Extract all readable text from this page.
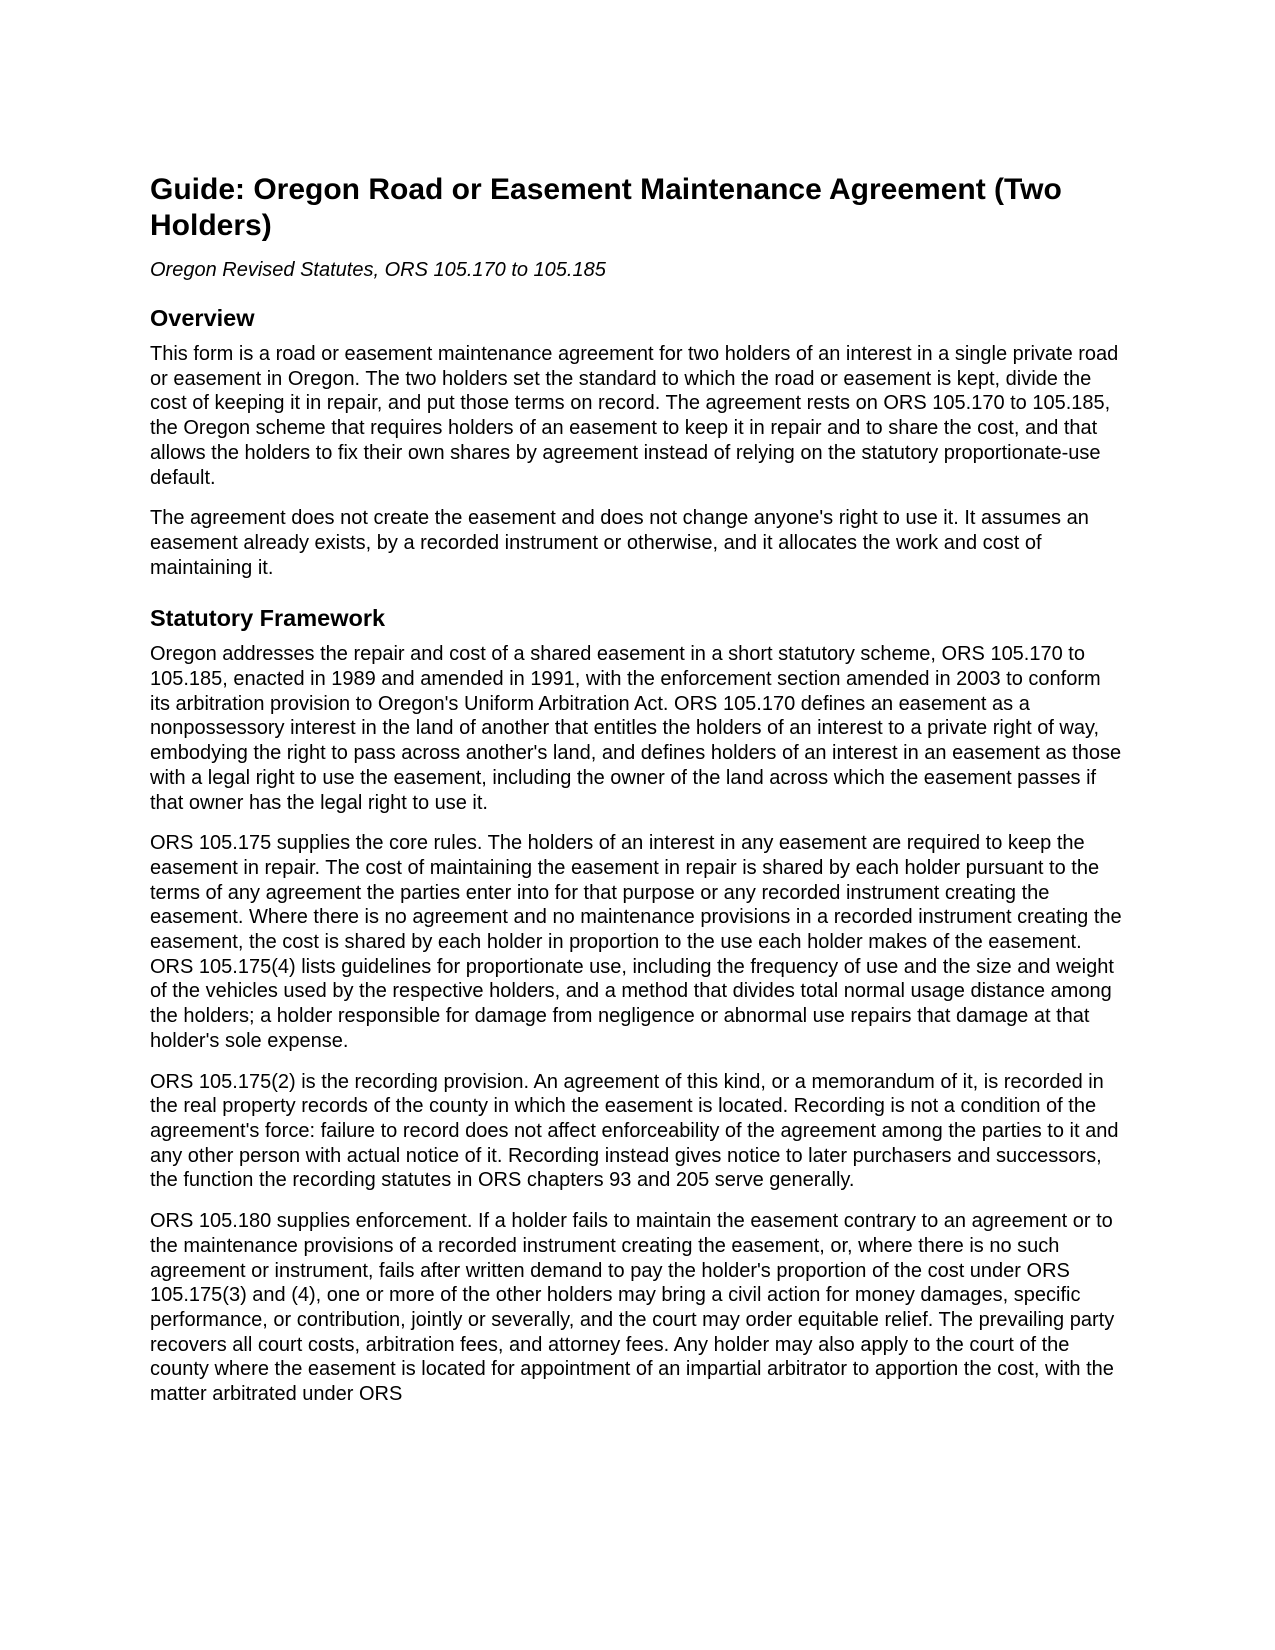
Guide: Oregon Road or Easement Maintenance Agreement (Two Holders)
Oregon Revised Statutes, ORS 105.170 to 105.185
Overview

This form is a road or easement maintenance agreement for two holders of an interest in a single private road or easement in Oregon. The two holders set the standard to which the road or easement is kept, divide the cost of keeping it in repair, and put those terms on record. The agreement rests on ORS 105.170 to 105.185, the Oregon scheme that requires holders of an easement to keep it in repair and to share the cost, and that allows the holders to fix their own shares by agreement instead of relying on the statutory proportionate-use default.

The agreement does not create the easement and does not change anyone's right to use it. It assumes an easement already exists, by a recorded instrument or otherwise, and it allocates the work and cost of maintaining it.

Statutory Framework

Oregon addresses the repair and cost of a shared easement in a short statutory scheme, ORS 105.170 to 105.185, enacted in 1989 and amended in 1991, with the enforcement section amended in 2003 to conform its arbitration provision to Oregon's Uniform Arbitration Act. ORS 105.170 defines an easement as a nonpossessory interest in the land of another that entitles the holders of an interest to a private right of way, embodying the right to pass across another's land, and defines holders of an interest in an easement as those with a legal right to use the easement, including the owner of the land across which the easement passes if that owner has the legal right to use it.

ORS 105.175 supplies the core rules. The holders of an interest in any easement are required to keep the easement in repair. The cost of maintaining the easement in repair is shared by each holder pursuant to the terms of any agreement the parties enter into for that purpose or any recorded instrument creating the easement. Where there is no agreement and no maintenance provisions in a recorded instrument creating the easement, the cost is shared by each holder in proportion to the use each holder makes of the easement. ORS 105.175(4) lists guidelines for proportionate use, including the frequency of use and the size and weight of the vehicles used by the respective holders, and a method that divides total normal usage distance among the holders; a holder responsible for damage from negligence or abnormal use repairs that damage at that holder's sole expense.

ORS 105.175(2) is the recording provision. An agreement of this kind, or a memorandum of it, is recorded in the real property records of the county in which the easement is located. Recording is not a condition of the agreement's force: failure to record does not affect enforceability of the agreement among the parties to it and any other person with actual notice of it. Recording instead gives notice to later purchasers and successors, the function the recording statutes in ORS chapters 93 and 205 serve generally.

ORS 105.180 supplies enforcement. If a holder fails to maintain the easement contrary to an agreement or to the maintenance provisions of a recorded instrument creating the easement, or, where there is no such agreement or instrument, fails after written demand to pay the holder's proportion of the cost under ORS 105.175(3) and (4), one or more of the other holders may bring a civil action for money damages, specific performance, or contribution, jointly or severally, and the court may order equitable relief. The prevailing party recovers all court costs, arbitration fees, and attorney fees. Any holder may also apply to the court of the county where the easement is located for appointment of an impartial arbitrator to apportion the cost, with the matter arbitrated under ORS
